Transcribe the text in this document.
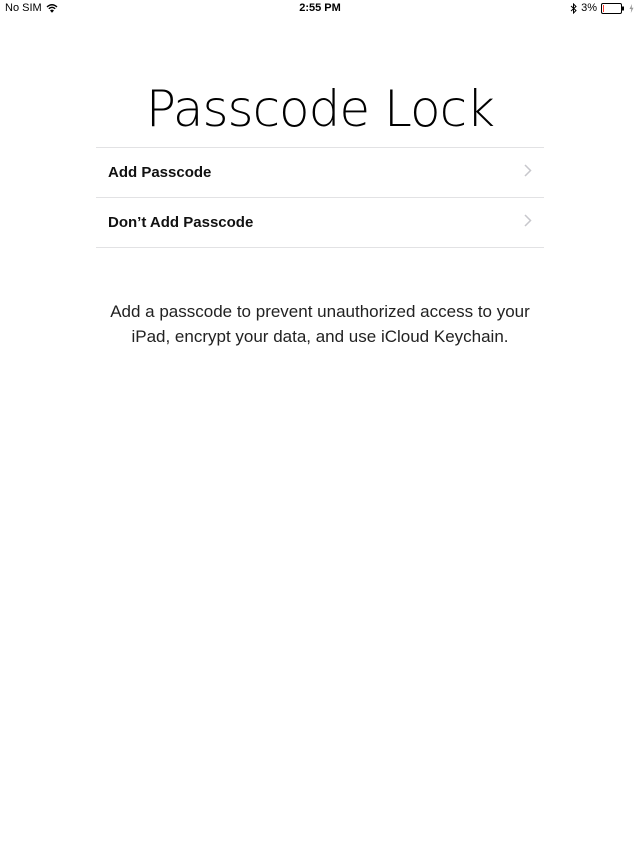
No SIM	2:55 PM	3%
Passcode Lock
Add Passcode
Don’t Add Passcode
Add a passcode to prevent unauthorized access to your
iPad, encrypt your data, and use iCloud Keychain.
